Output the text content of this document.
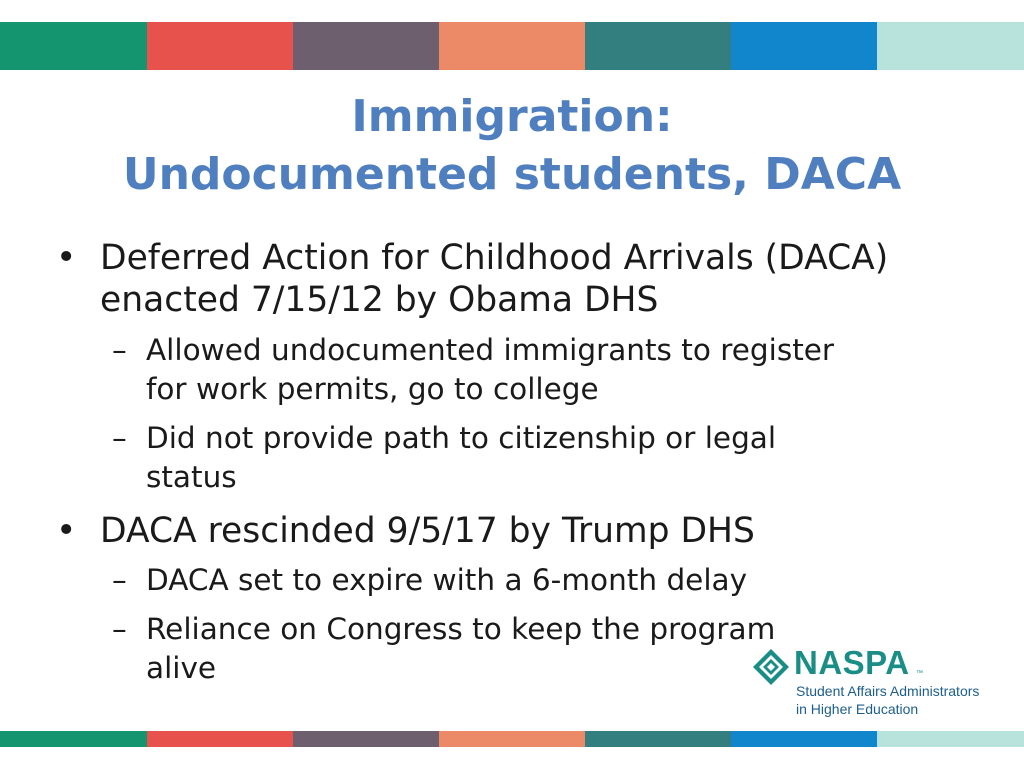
Immigration:
Undocumented students, DACA
• Deferred Action for Childhood Arrivals (DACA)
enacted 7/15/12 by Obama DHS
– Allowed undocumented immigrants to register
for work permits, go to college
– Did not provide path to citizenship or legal
status
• DACA rescinded 9/5/17 by Trump DHS
– DACA set to expire with a 6-month delay
– Reliance on Congress to keep the program
alive	NASPA ™
Student Affairs Administrators
in Higher Education
